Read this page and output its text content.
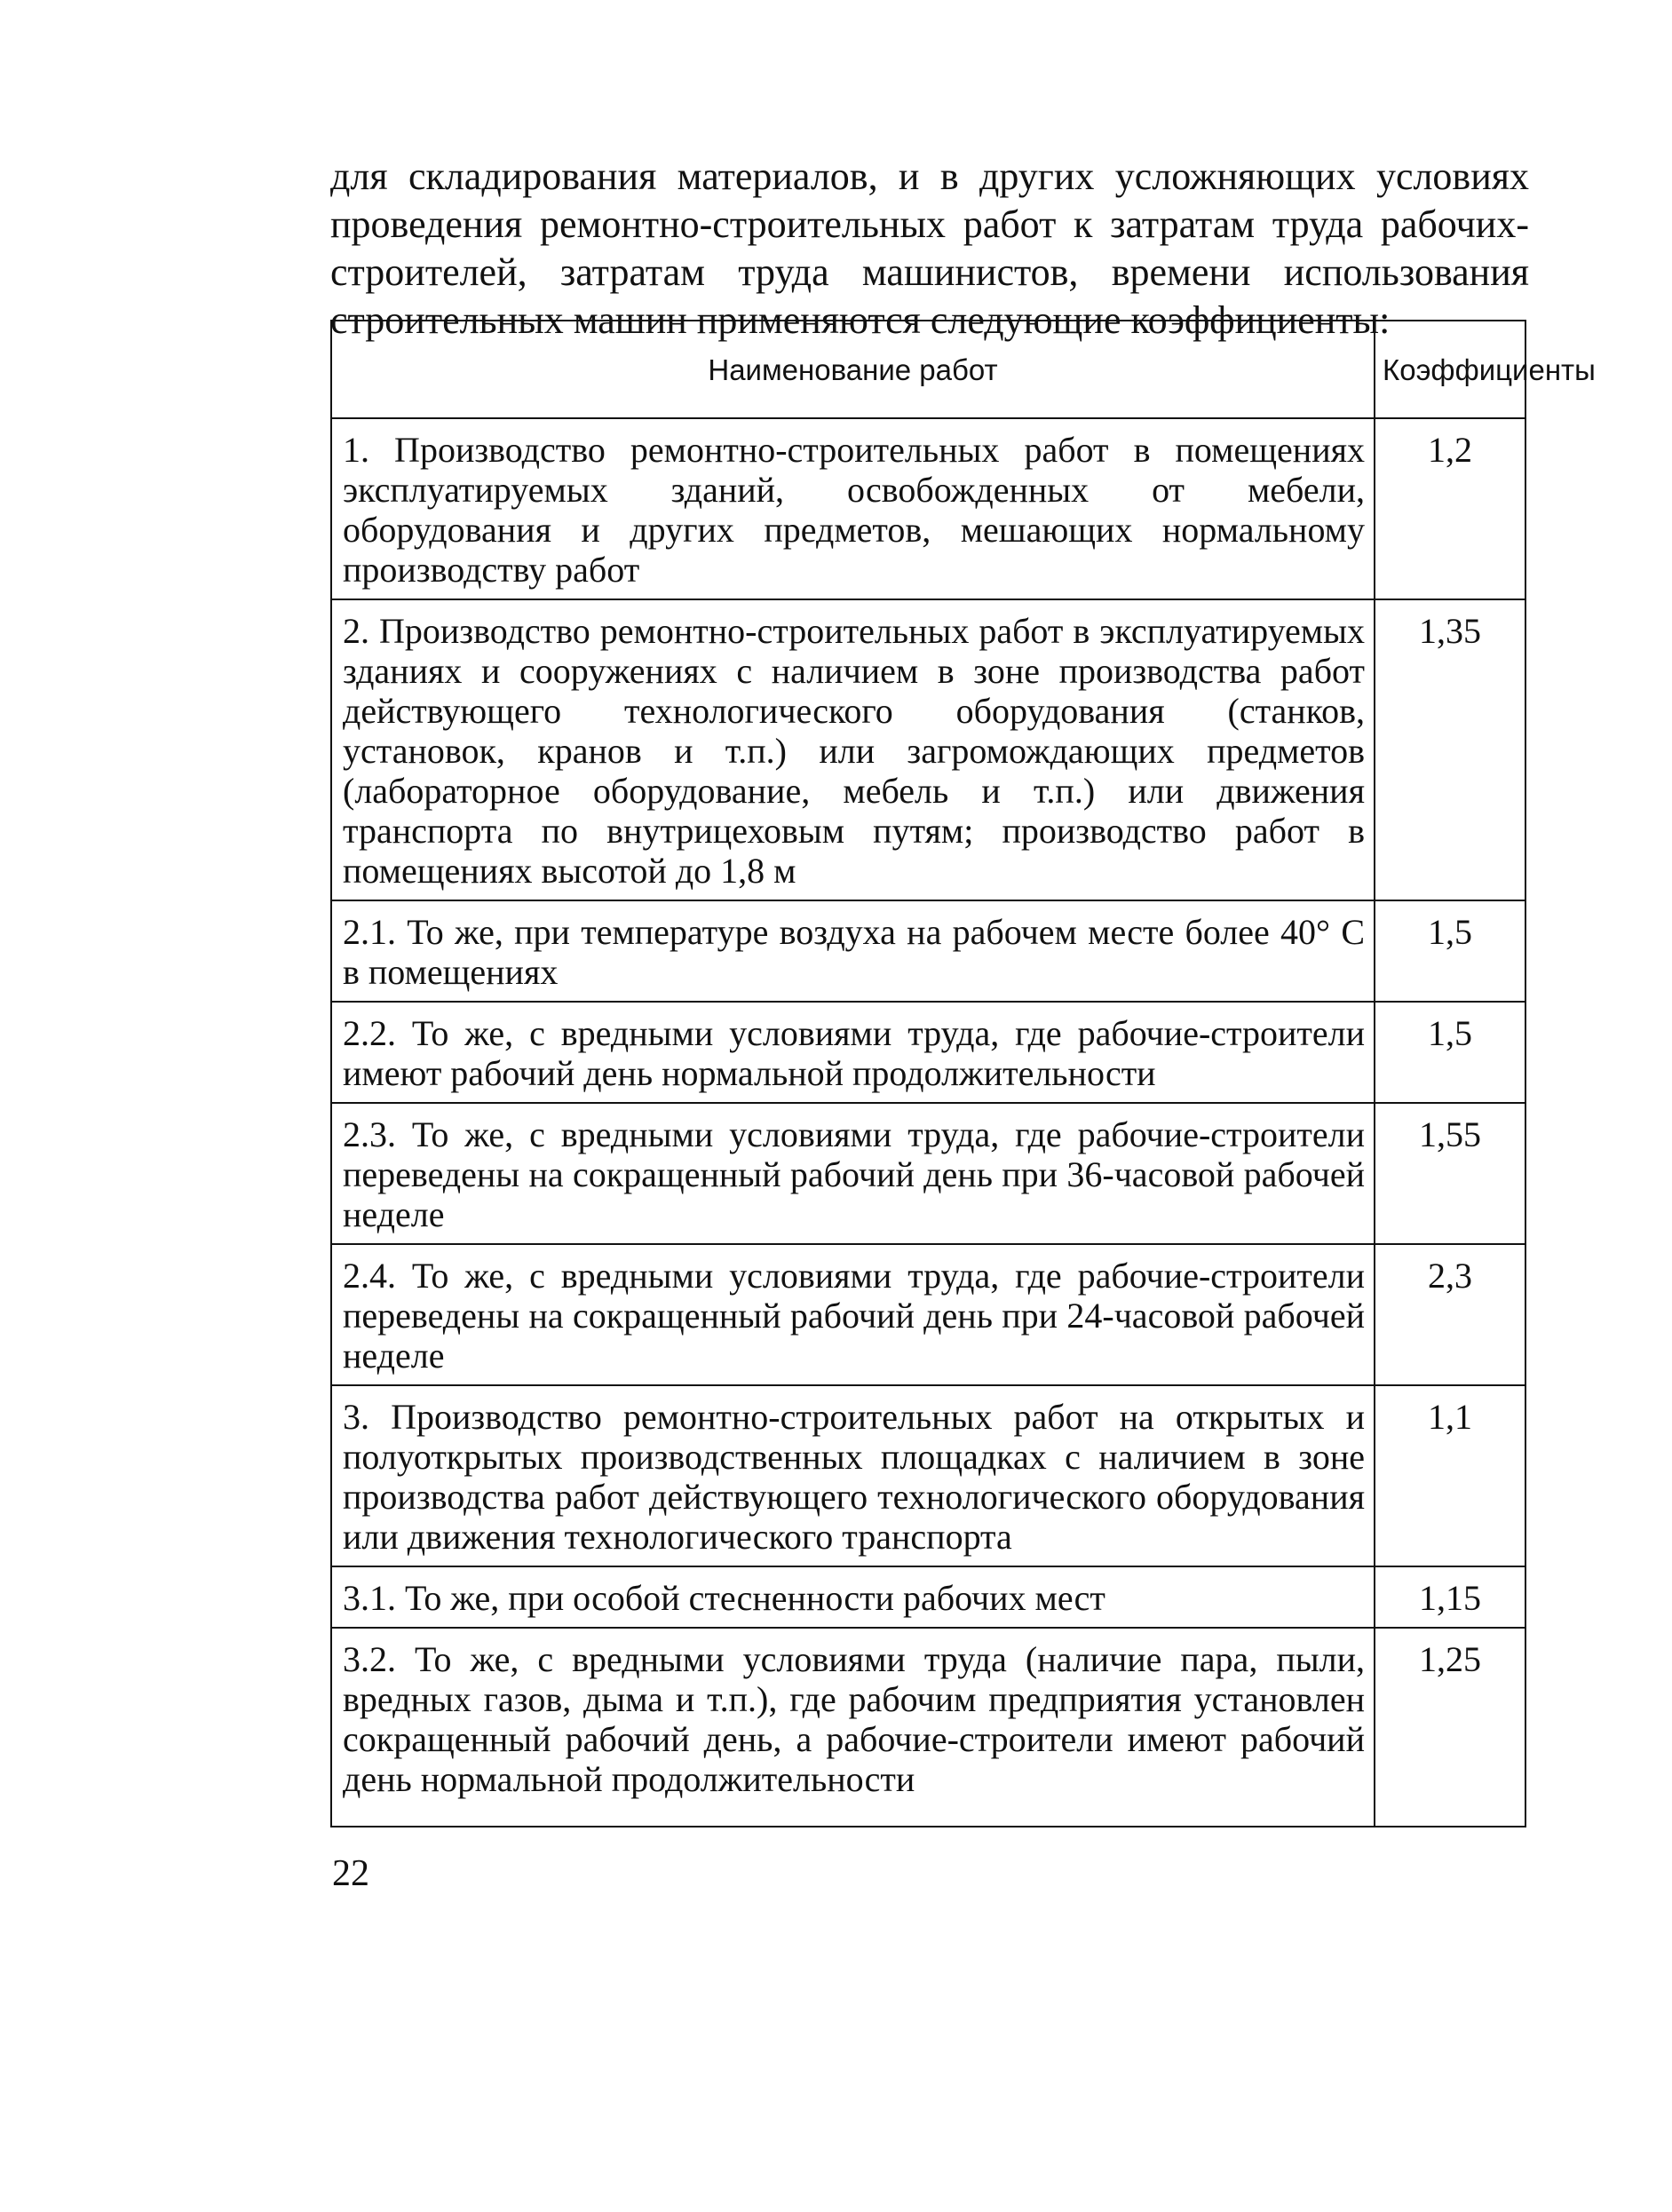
для складирования материалов, и в других усложняющих условиях проведения ремонтно-строительных работ к затратам труда рабочих-строителей, затратам труда машинистов, времени использования строительных машин применяются следующие коэффициенты:

Наименование работ	Коэффициенты
1. Производство ремонтно-строительных работ в помещениях эксплуатируемых зданий, освобожденных от мебели, оборудования и других предметов, мешающих нормальному производству работ	1,2
2. Производство ремонтно-строительных работ в эксплуатируемых зданиях и сооружениях с наличием в зоне производства работ действующего технологического оборудования (станков, установок, кранов и т.п.) или загромождающих предметов (лабораторное оборудование, мебель и т.п.) или движения транспорта по внутрицеховым путям; производство работ в помещениях высотой до 1,8 м	1,35
2.1. То же, при температуре воздуха на рабочем месте более 40° С в помещениях	1,5
2.2. То же, с вредными условиями труда, где рабочие-строители имеют рабочий день нормальной продолжительности	1,5
2.3. То же, с вредными условиями труда, где рабочие-строители переведены на сокращенный рабочий день при 36-часовой рабочей неделе	1,55
2.4. То же, с вредными условиями труда, где рабочие-строители переведены на сокращенный рабочий день при 24-часовой рабочей неделе	2,3
3. Производство ремонтно-строительных работ на открытых и полуоткрытых производственных площадках с наличием в зоне производства работ действующего технологического оборудования или движения технологического транспорта	1,1
3.1. То же, при особой стесненности рабочих мест	1,15
3.2. То же, с вредными условиями труда (наличие пара, пыли, вредных газов, дыма и т.п.), где рабочим предприятия установлен сокращенный рабочий день, а рабочие-строители имеют рабочий день нормальной продолжительности	1,25
22
